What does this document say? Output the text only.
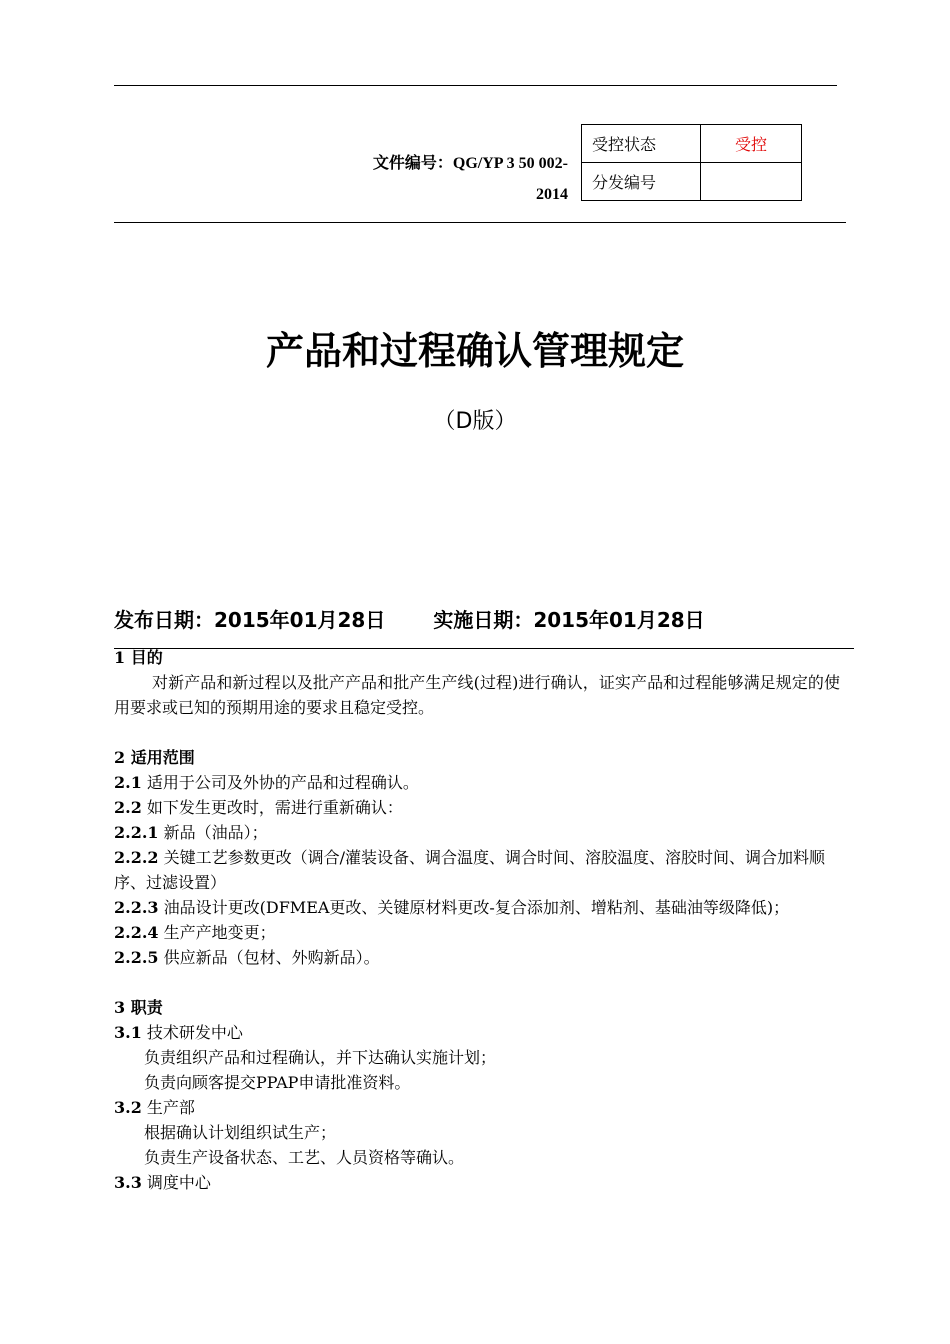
文件编号：QG/YP 3 50 002-
2014
受控状态	受控
分发编号	
产品和过程确认管理规定
（D版）
发布日期：2015年01月28日 实施日期：2015年01月28日

1 目的

对新产品和新过程以及批产产品和批产生产线(过程)进行确认，证实产品和过程能够满足规定的使用要求或已知的预期用途的要求且稳定受控。

2 适用范围

2.1 适用于公司及外协的产品和过程确认。

2.2 如下发生更改时，需进行重新确认：

2.2.1 新品（油品）；

2.2.2 关键工艺参数更改（调合/灌装设备、调合温度、调合时间、溶胶温度、溶胶时间、调合加料顺序、过滤设置）

2.2.3 油品设计更改(DFMEA更改、关键原材料更改-复合添加剂、增粘剂、基础油等级降低)；

2.2.4 生产产地变更；

2.2.5 供应新品（包材、外购新品）。

3 职责

3.1 技术研发中心

负责组织产品和过程确认，并下达确认实施计划；

负责向顾客提交PPAP申请批准资料。

3.2 生产部

根据确认计划组织试生产；

负责生产设备状态、工艺、人员资格等确认。

3.3 调度中心
